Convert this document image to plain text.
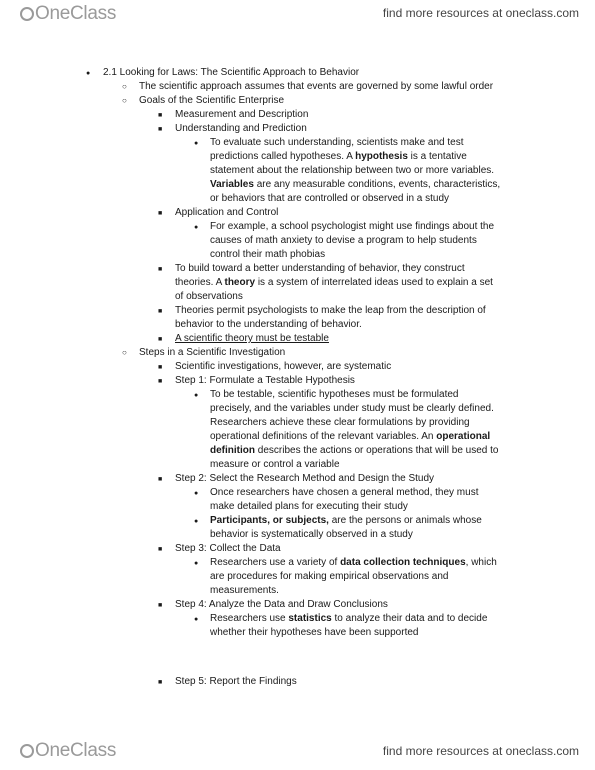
OneClass	find more resources at oneclass.com
●
2.1 Looking for Laws: The Scientific Approach to Behavior
○
The scientific approach assumes that events are governed by some lawful order
○
Goals of the Scientific Enterprise
■
Measurement and Description
■
Understanding and Prediction
●
To evaluate such understanding, scientists make and test
predictions called hypotheses. A hypothesis is a tentative
statement about the relationship between two or more variables.
Variables are any measurable conditions, events, characteristics,
or behaviors that are controlled or observed in a study
■
Application and Control
●
For example, a school psychologist might use findings about the
causes of math anxiety to devise a program to help students
control their math phobias
■
To build toward a better understanding of behavior, they construct
theories. A theory is a system of interrelated ideas used to explain a set
of observations
■
Theories permit psychologists to make the leap from the description of
behavior to the understanding of behavior.
■
A scientific theory must be testable
○
Steps in a Scientific Investigation
■
Scientific investigations, however, are systematic
■
Step 1: Formulate a Testable Hypothesis
●
To be testable, scientific hypotheses must be formulated
precisely, and the variables under study must be clearly defined.
Researchers achieve these clear formulations by providing
operational definitions of the relevant variables. An operational
definition describes the actions or operations that will be used to
measure or control a variable
■
Step 2: Select the Research Method and Design the Study
●
Once researchers have chosen a general method, they must
make detailed plans for executing their study
●
Participants, or subjects, are the persons or animals whose
behavior is systematically observed in a study
■
Step 3: Collect the Data
●
Researchers use a variety of data collection techniques, which
are procedures for making empirical observations and
measurements.
■
Step 4: Analyze the Data and Draw Conclusions
●
Researchers use statistics to analyze their data and to decide
whether their hypotheses have been supported
■
Step 5: Report the Findings
OneClass	find more resources at oneclass.com
